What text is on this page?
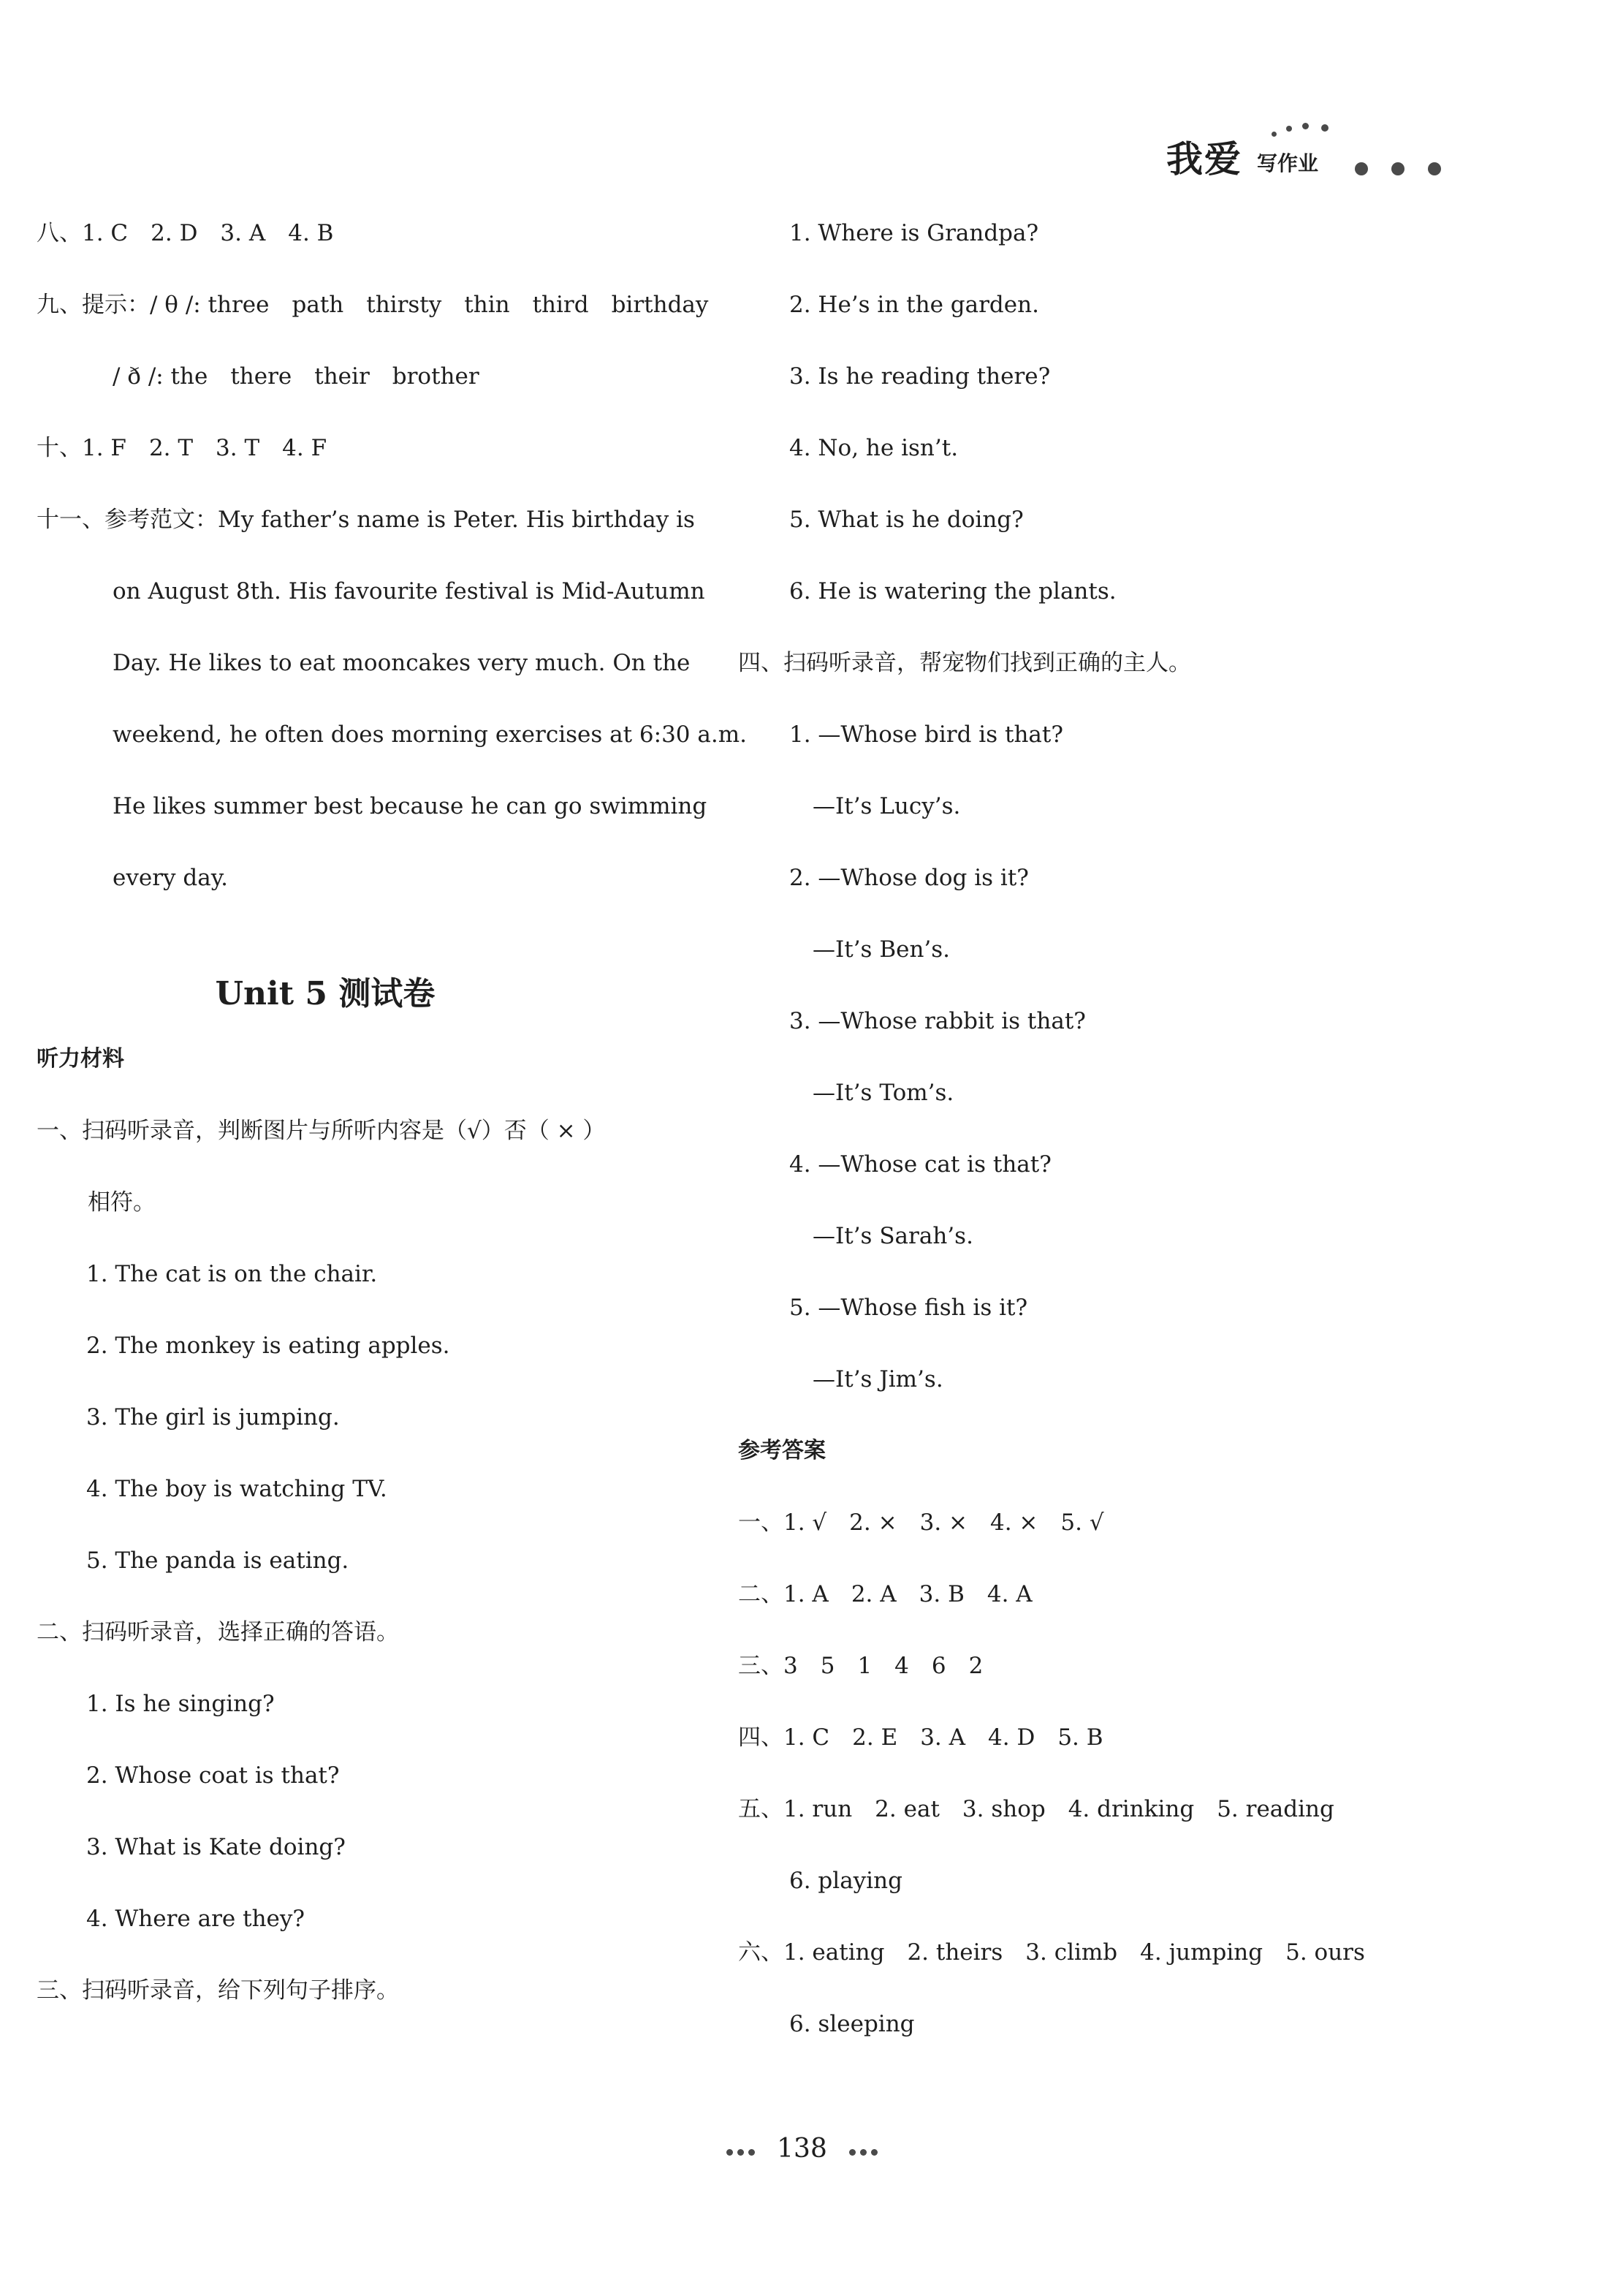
我爱 写作业
八、1. C　2. D　3. A　4. B
九、提示：/ θ /: three　path　thirsty　thin　third　birthday
/ ð /: the　there　their　brother
十、1. F　2. T　3. T　4. F
十一、参考范文：My father’s name is Peter. His birthday is
on August 8th. His favourite festival is Mid-Autumn
Day. He likes to eat mooncakes very much. On the
weekend, he often does morning exercises at 6:30 a.m.
He likes summer best because he can go swimming
every day.
Unit 5 测试卷
听力材料
一、扫码听录音，判断图片与所听内容是（√）否（ × ）
相符。
1. The cat is on the chair.
2. The monkey is eating apples.
3. The girl is jumping.
4. The boy is watching TV.
5. The panda is eating.
二、扫码听录音，选择正确的答语。
1. Is he singing?
2. Whose coat is that?
3. What is Kate doing?
4. Where are they?
三、扫码听录音，给下列句子排序。
1. Where is Grandpa?
2. He’s in the garden.
3. Is he reading there?
4. No, he isn’t.
5. What is he doing?
6. He is watering the plants.
四、扫码听录音，帮宠物们找到正确的主人。
1. —Whose bird is that?
—It’s Lucy’s.
2. —Whose dog is it?
—It’s Ben’s.
3. —Whose rabbit is that?
—It’s Tom’s.
4. —Whose cat is that?
—It’s Sarah’s.
5. —Whose fish is it?
—It’s Jim’s.
参考答案
一、1. √　2. ×　3. ×　4. ×　5. √
二、1. A　2. A　3. B　4. A
三、3　5　1　4　6　2
四、1. C　2. E　3. A　4. D　5. B
五、1. run　2. eat　3. shop　4. drinking　5. reading
6. playing
六、1. eating　2. theirs　3. climb　4. jumping　5. ours
6. sleeping
138
